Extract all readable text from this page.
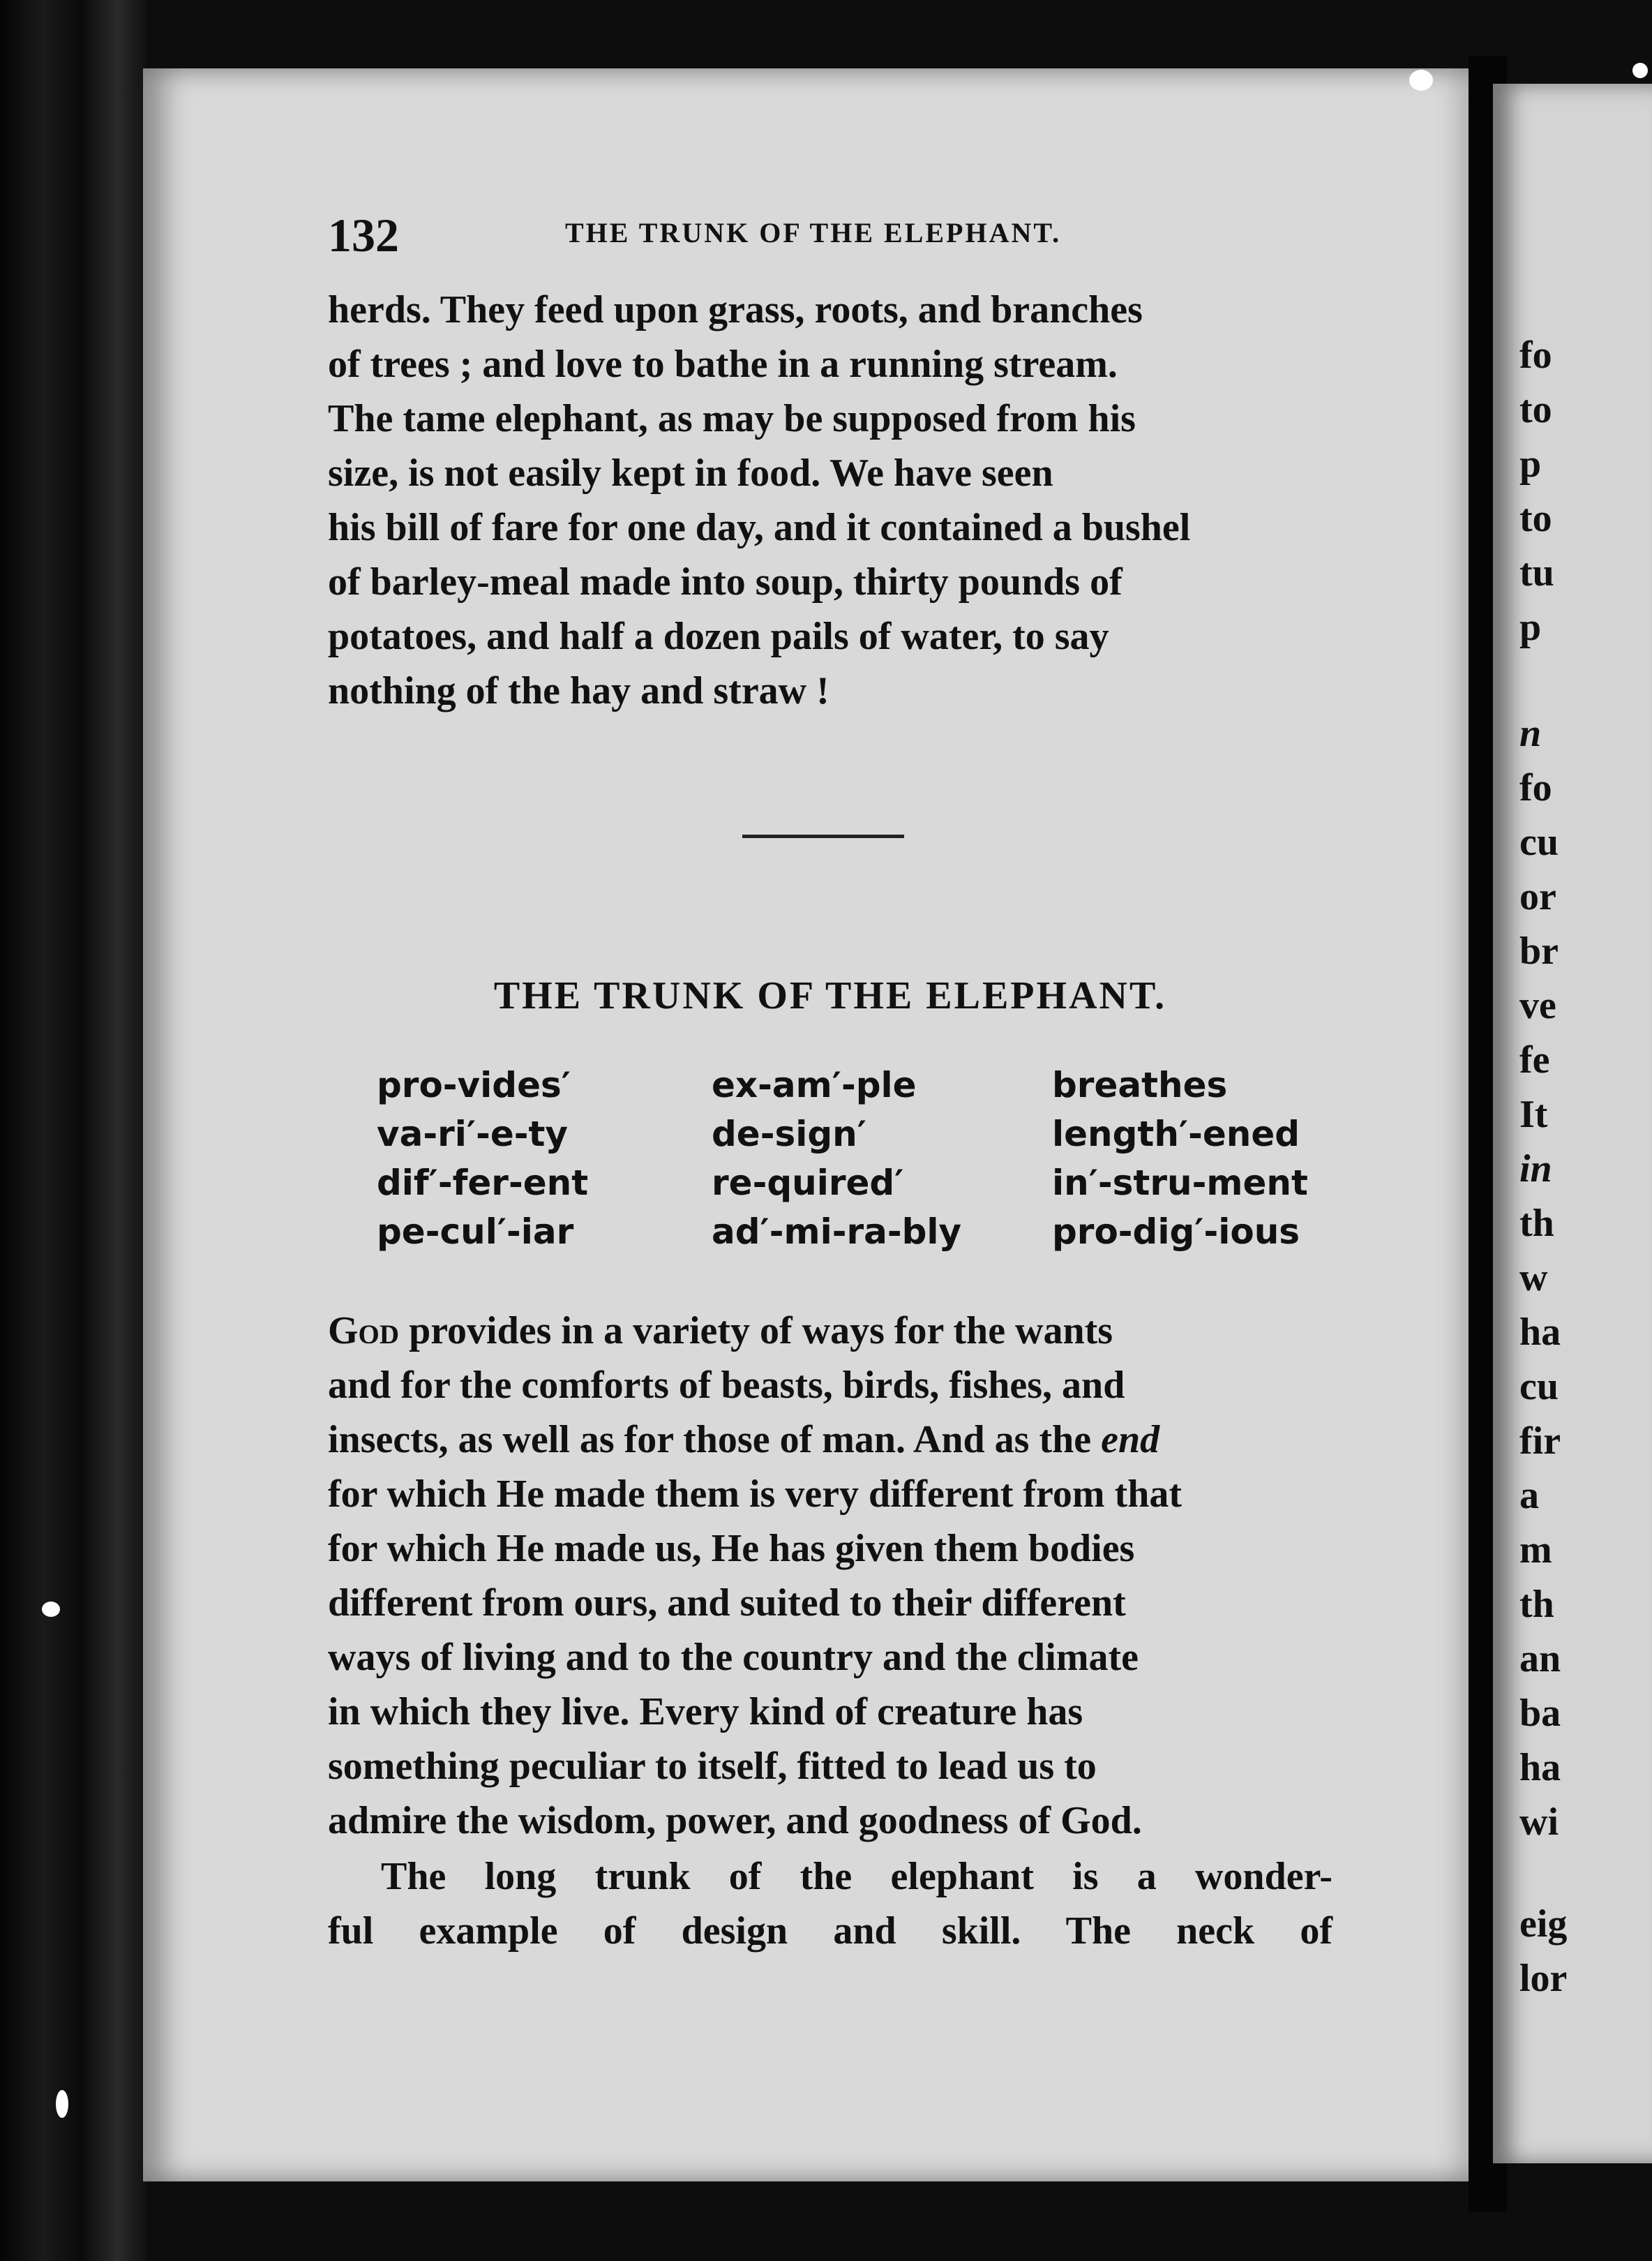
132	THE TRUNK OF THE ELEPHANT.
herds. They feed upon grass, roots, and branches
of trees ; and love to bathe in a running stream.
The tame elephant, as may be supposed from his
size, is not easily kept in food. We have seen
his bill of fare for one day, and it contained a bushel
of barley-meal made into soup, thirty pounds of
potatoes, and half a dozen pails of water, to say
nothing of the hay and straw !
THE TRUNK OF THE ELEPHANT.
pro-vides′	ex-am′-ple	breathes
va-ri′-e-ty	de-sign′	length′-ened
dif′-fer-ent	re-quired′	in′-stru-ment
pe-cul′-iar	ad′-mi-ra-bly	pro-dig′-ious
God provides in a variety of ways for the wants
and for the comforts of beasts, birds, fishes, and
insects, as well as for those of man. And as the end
for which He made them is very different from that
for which He made us, He has given them bodies
different from ours, and suited to their different
ways of living and to the country and the climate
in which they live. Every kind of creature has
something peculiar to itself, fitted to lead us to
admire the wisdom, power, and goodness of God.
The long trunk of the elephant is a wonder-
ful example of design and skill. The neck of
fo
to
p
to
tu
p
n
fo
cu
or
br
ve
fe
It
in
th
w
ha
cu
fir
a
m
th
an
ba
ha
wi
eig
lor
